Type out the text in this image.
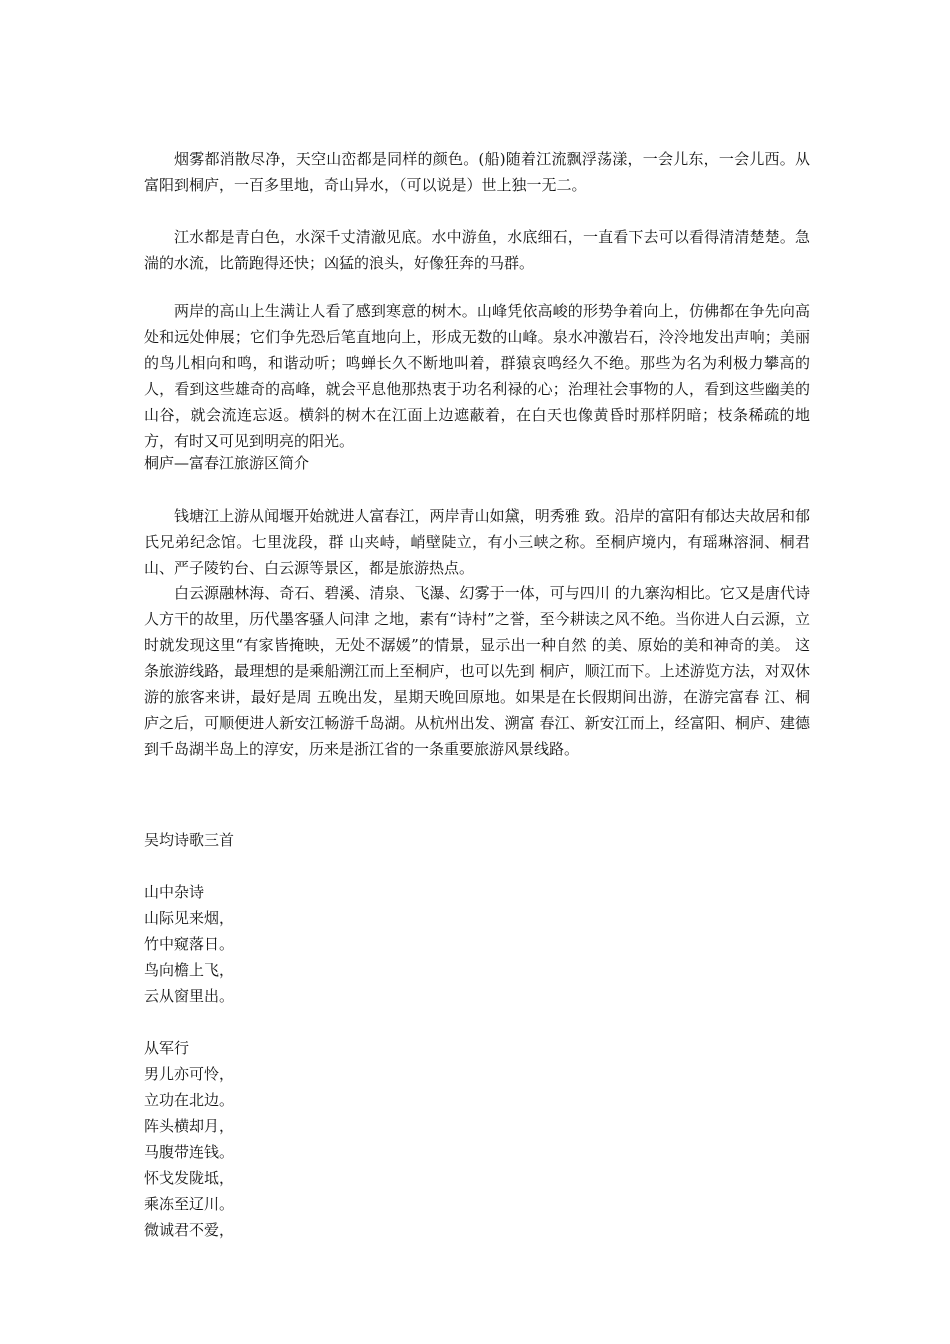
烟雾都消散尽净，天空山峦都是同样的颜色。(船)随着江流飘浮荡漾，一会儿东，一会儿西。从富阳到桐庐，一百多里地，奇山异水，（可以说是）世上独一无二。

江水都是青白色，水深千丈清澈见底。水中游鱼，水底细石，一直看下去可以看得清清楚楚。急湍的水流，比箭跑得还快；凶猛的浪头，好像狂奔的马群。

两岸的高山上生满让人看了感到寒意的树木。山峰凭依高峻的形势争着向上，仿佛都在争先向高处和远处伸展；它们争先恐后笔直地向上，形成无数的山峰。泉水冲激岩石，泠泠地发出声响；美丽的鸟儿相向和鸣，和谐动听；鸣蝉长久不断地叫着，群猿哀鸣经久不绝。那些为名为利极力攀高的人，看到这些雄奇的高峰，就会平息他那热衷于功名利禄的心；治理社会事物的人，看到这些幽美的山谷，就会流连忘返。横斜的树木在江面上边遮蔽着，在白天也像黄昏时那样阴暗；枝条稀疏的地方，有时又可见到明亮的阳光。

桐庐—富春江旅游区简介

钱塘江上游从闻堰开始就进人富春江，两岸青山如黛，明秀雅 致。沿岸的富阳有郁达夫故居和郁氏兄弟纪念馆。七里泷段，群 山夹峙，峭壁陡立，有小三峡之称。至桐庐境内，有瑶琳溶洞、桐君 山、严子陵钓台、白云源等景区，都是旅游热点。

白云源融林海、奇石、碧溪、清泉、飞瀑、幻雾于一体，可与四川 的九寨沟相比。它又是唐代诗人方干的故里，历代墨客骚人问津 之地，素有“诗村”之誉，至今耕读之风不绝。当你进人白云源，立 时就发现这里“有家皆掩映，无处不潺媛”的情景，显示出一种自然 的美、原始的美和神奇的美。 这条旅游线路，最理想的是乘船溯江而上至桐庐，也可以先到 桐庐，顺江而下。上述游览方法，对双休游的旅客来讲，最好是周 五晚出发，星期天晚回原地。如果是在长假期间出游，在游完富春 江、桐庐之后，可顺便进人新安江畅游千岛湖。从杭州出发、溯富 春江、新安江而上，经富阳、桐庐、建德到千岛湖半岛上的淳安，历来是浙江省的一条重要旅游风景线路。

吴均诗歌三首

山中杂诗

山际见来烟，
竹中窥落日。
鸟向檐上飞，
云从窗里出。

从军行

男儿亦可怜，
立功在北边。
阵头横却月，
马腹带连钱。
怀戈发陇坻，
乘冻至辽川。
微诚君不爱，
